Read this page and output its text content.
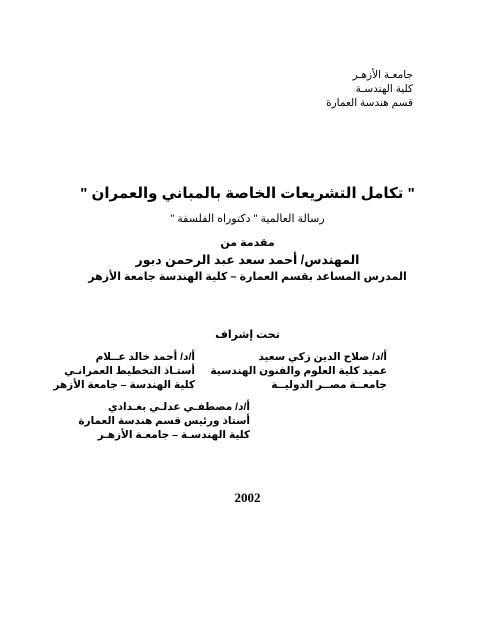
جامعـة الأزهـر
كلية الهندسـة
قسم هندسة العمارة
" تكامل التشريعات الخاصة بالمباني والعمران "
رسالة العالمية " دكتوراه الفلسفة "
مقدمة من
المهندس/ أحمد سعد عبد الرحمن دبور
المدرس المساعد بقسم العمارة – كلية الهندسة جامعة الأزهر
تحت إشراف
أ/د/ صلاح الدين زكي سعيد
عميد كلية العلوم والفنون الهندسية
جامعــة مصــر الدوليــة
أ/د/ أحمد خالد عــلام
أستـاذ التخطيط العمرانـي
كلية الهندسة – جامعة الأزهر
أ/د/ مصطفـي عدلـي بغـدادي
أستاذ ورئيس قسم هندسة العمارة
كلية الهندسـة – جامعـة الأزهـر
2002
